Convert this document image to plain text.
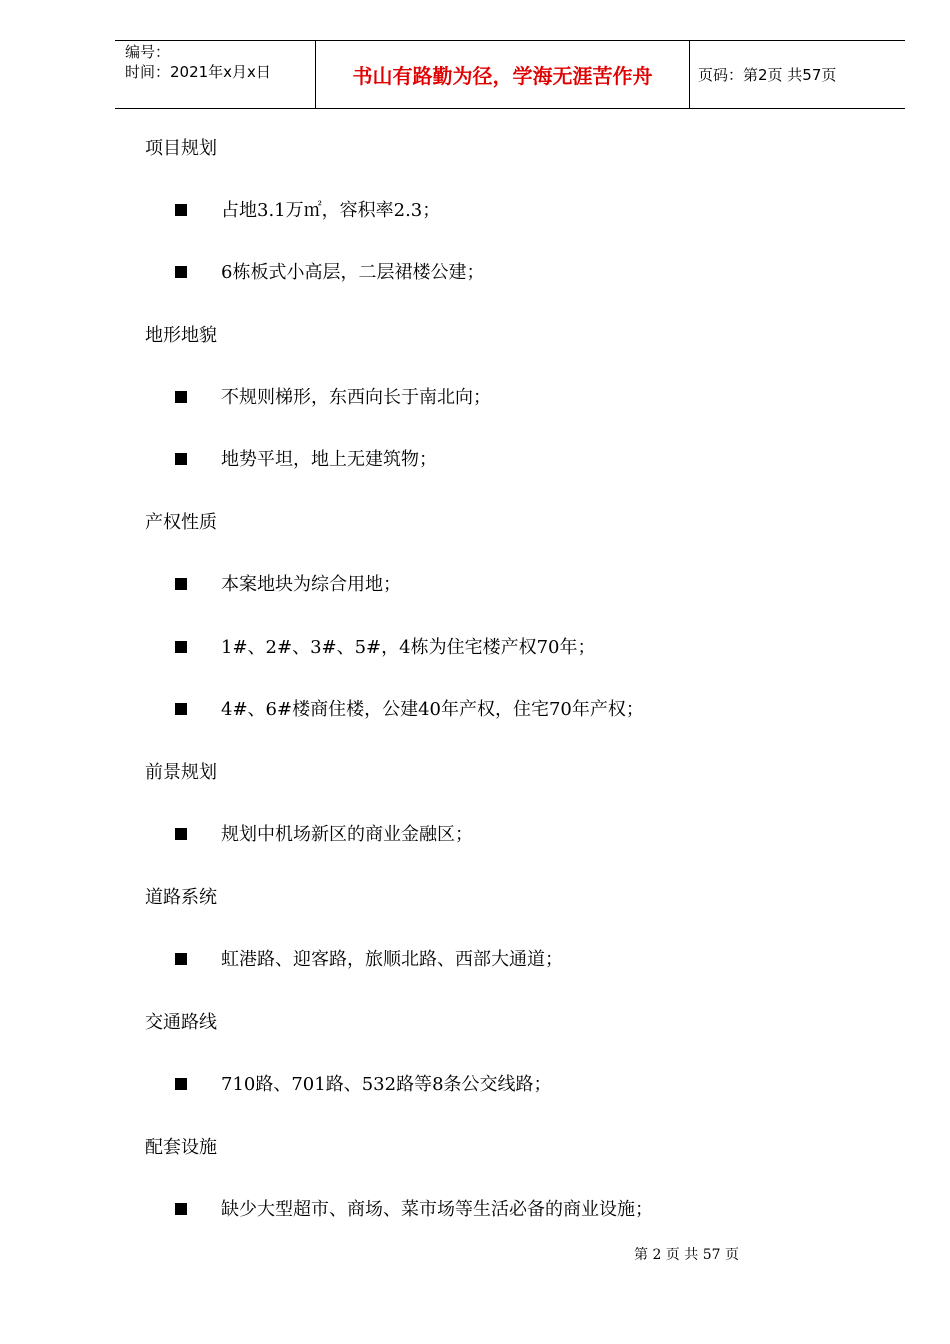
编号：
时间：2021年x月x日	书山有路勤为径，学海无涯苦作舟	页码：第2页 共57页
项目规划
占地3.1万㎡，容积率2.3；
6栋板式小高层，二层裙楼公建；
地形地貌
不规则梯形，东西向长于南北向；
地势平坦，地上无建筑物；
产权性质
本案地块为综合用地；
1#、2#、3#、5#，4栋为住宅楼产权70年；
4#、6#楼商住楼，公建40年产权，住宅70年产权；
前景规划
规划中机场新区的商业金融区；
道路系统
虹港路、迎客路，旅顺北路、西部大通道；
交通路线
710路、701路、532路等8条公交线路；
配套设施
缺少大型超市、商场、菜市场等生活必备的商业设施；
第 2 页 共 57 页
